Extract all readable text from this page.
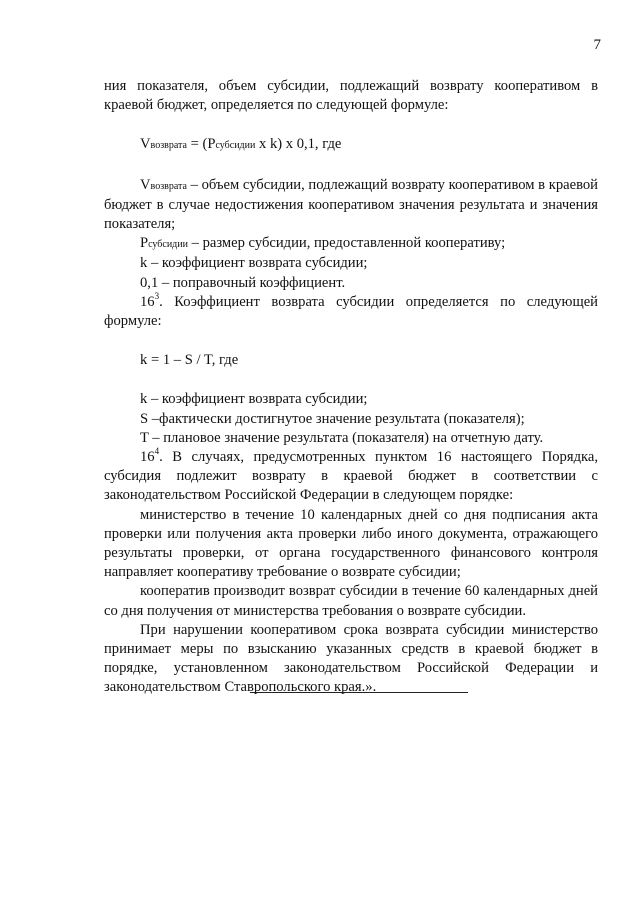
7

ния показателя, объем субсидии, подлежащий возврату кооперативом в краевой бюджет, определяется по следующей формуле:

Vвозврата = (Pсубсидии x k) x 0,1, где

Vвозврата – объем субсидии, подлежащий возврату кооперативом в краевой бюджет в случае недостижения кооперативом значения результата и значения показателя;

Pсубсидии – размер субсидии, предоставленной кооперативу;

k – коэффициент возврата субсидии;

0,1 – поправочный коэффициент.

$16^3$. Коэффициент возврата субсидии определяется по следующей формуле:

k = 1 – S / T, где

k – коэффициент возврата субсидии;

S –фактически достигнутое значение результата (показателя);

T – плановое значение результата (показателя) на отчетную дату.

$16^4$. В случаях, предусмотренных пунктом 16 настоящего Порядка, субсидия подлежит возврату в краевой бюджет в соответствии с законодательством Российской Федерации в следующем порядке:

министерство в течение 10 календарных дней со дня подписания акта проверки или получения акта проверки либо иного документа, отражающего результаты проверки, от органа государственного финансового контроля направляет кооперативу требование о возврате субсидии;

кооператив производит возврат субсидии в течение 60 календарных дней со дня получения от министерства требования о возврате субсидии.

При нарушении кооперативом срока возврата субсидии министерство принимает меры по взысканию указанных средств в краевой бюджет в порядке, установленном законодательством Российской Федерации и законодательством Ставропольского края.».
